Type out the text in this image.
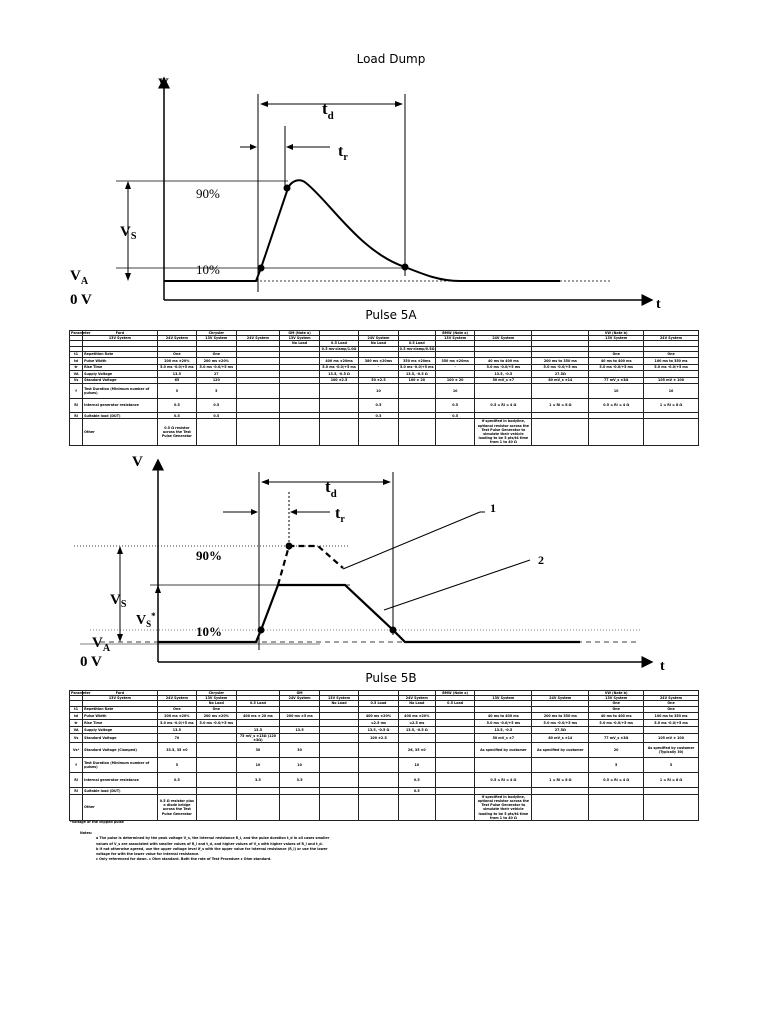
Load Dump
V
t
$t_d$
$t_r$
$V_S$
$V_A$
0 V
90%
10%
Pulse 5A
Parameter	Ford		Chrysler		GM (Note a)				BMW (Note a)			VW (Note b)	
	13V System	24V System	13V System	24V System	13V System		24V System		13V System	24V System		13V System	24V System
					No Load	0.5 Load	No Load	0.5 Load					
						0.5 ms-clamp/1.0Ω		0.5 ms-clamp/0.5Ω					
t1	Repetition Rate	One	One									One	One
td	Pulse Width	200 ms ±20%	200 ms ±20%			400 ms ±20ms	380 ms ±20ms	350 ms ±20ms	350 ms ±20ms	40 ms to 400 ms	200 ms to 350 ms	40 ms to 400 ms	100 ms to 350 ms
tr	Rise Time	5.0 ms -0.0/+5 ms	5.0 ms -0.0/+5 ms			5.0 ms -0.0/+5 ms	-	5.0 ms -0.0/+5 ms	-	5.0 ms -0.0/+5 ms	5.0 ms -0.0/+5 ms	5.0 ms -0.0/+5 ms	5.0 ms -0.0/+5 ms
VA	Supply Voltage	13.5	27			13.5, -0.5 Ω		13.5, -0.5 Ω		13.5, -0.5	27.5Ω		
Vs	Standard Voltage	65	120			100 ±2.5	50 ±2.5	100 ± 20	100 ± 20	50 mV_s ±7	80 mV_s ±14	77 mV_s ±3Ω	105 mV ± 100
f	Test Duration (Minimum number of pulses)	5	5				10		10			10	10
Ri	Internal generator resistance	0.5	0.5				0.5		0.5	0.5 ≤ Ri ≤ 4 Ω	1 ≤ Ri ≤ 8 Ω	0.5 ≤ Ri ≤ 4 Ω	1 ≤ Ri ≤ 8 Ω
Rl	Suitable load (DUT)	0.5	0.5				0.5		0.5				
	Other	0.5 Ω resistor across the Test Pulse Generator								If specified in bodyline, optional resistor across the Test Pulse Generator to simulate their vehicle loading to be 5 pts/t4 time from 1 to 40 Ω			
V
t
$t_d$
$t_r$
1
2
90%
10%
$V_S$
$V_S^*$
$V_A$
0 V
Pulse 5B
Parameter	Ford		Chrysler		GM				BMW (Note a)			VW (Note b)	
	13V System	24V System	13V System		24V System	13V System		24V System		13V System	24V System	13V System	24V System
			No Load	0.5 Load		No Load	0.5 Load	No Load	0.5 Load			One	One
t1	Repetition Rate	One	One									One	One
td	Pulse Width	200 ms ±20%	200 ms ±20%	400 ms ± 20 ms	200 ms ±5 ms		400 ms ±20%	400 ms ±20%		40 ms to 400 ms	200 ms to 350 ms	40 ms to 400 ms	100 ms to 350 ms
tr	Rise Time	5.0 ms -0.0/+5 ms	5.0 ms -0.0/+5 ms				≤2.5 ms	≤2.5 ms		5.0 ms -0.0/+5 ms	5.0 ms -0.0/+5 ms	5.0 ms -0.0/+5 ms	5.0 ms -0.0/+5 ms
VA	Supply Voltage	13.5		13.5	13.5		13.5, -0.5 Ω	13.5, -0.5 Ω		13.5, -0.5	27.5Ω		
Vs	Standard Voltage	70		75 mV_s ±13Ω (120 ±3Ω)			100 ±2.5			50 mV_s ±7	80 mV_s ±14	77 mV_s ±3Ω	105 mV ± 100
Vs*	Standard Voltage (Clamped)	33.5, 35 ±0		30	30			26, 35 ±0		As specified by customer	As specified by customer	20	As specified by customer (Typically 30)
f	Test Duration (Minimum number of pulses)	5		10	10			10				5	5
Ri	Internal generator resistance	0.5		3.5	3.5			0.5		0.5 ≤ Ri ≤ 4 Ω	1 ≤ Ri ≤ 8 Ω	0.5 ≤ Ri ≤ 4 Ω	1 ≤ Ri ≤ 8 Ω
Rl	Suitable load (DUT)							0.5					
	Other	0.5 Ω resistor plus a diode bridge across the Test Pulse Generator								If specified in bodyline, optional resistor across the Test Pulse Generator to simulate their vehicle loading to be 5 pts/t4 time from 1 to 40 Ω			
*Voltage of the clipped pulse
Notes:
a The pulse is determined by the peak voltage V_s, the internal resistance R_i, and the pulse duration t_d in all cases smaller values of V_s are associated with smaller values of R_i and t_d, and higher values of V_s with higher values of R_i and t_d.
b If not otherwise agreed, use the upper voltage level if_s with the upper value for internal resistance (R_i) or use the lower voltage for with the lower value for internal resistance.
c Only referenced for down. c Ohm standard. Both the rate of Test Procedure c Ohm standard.
